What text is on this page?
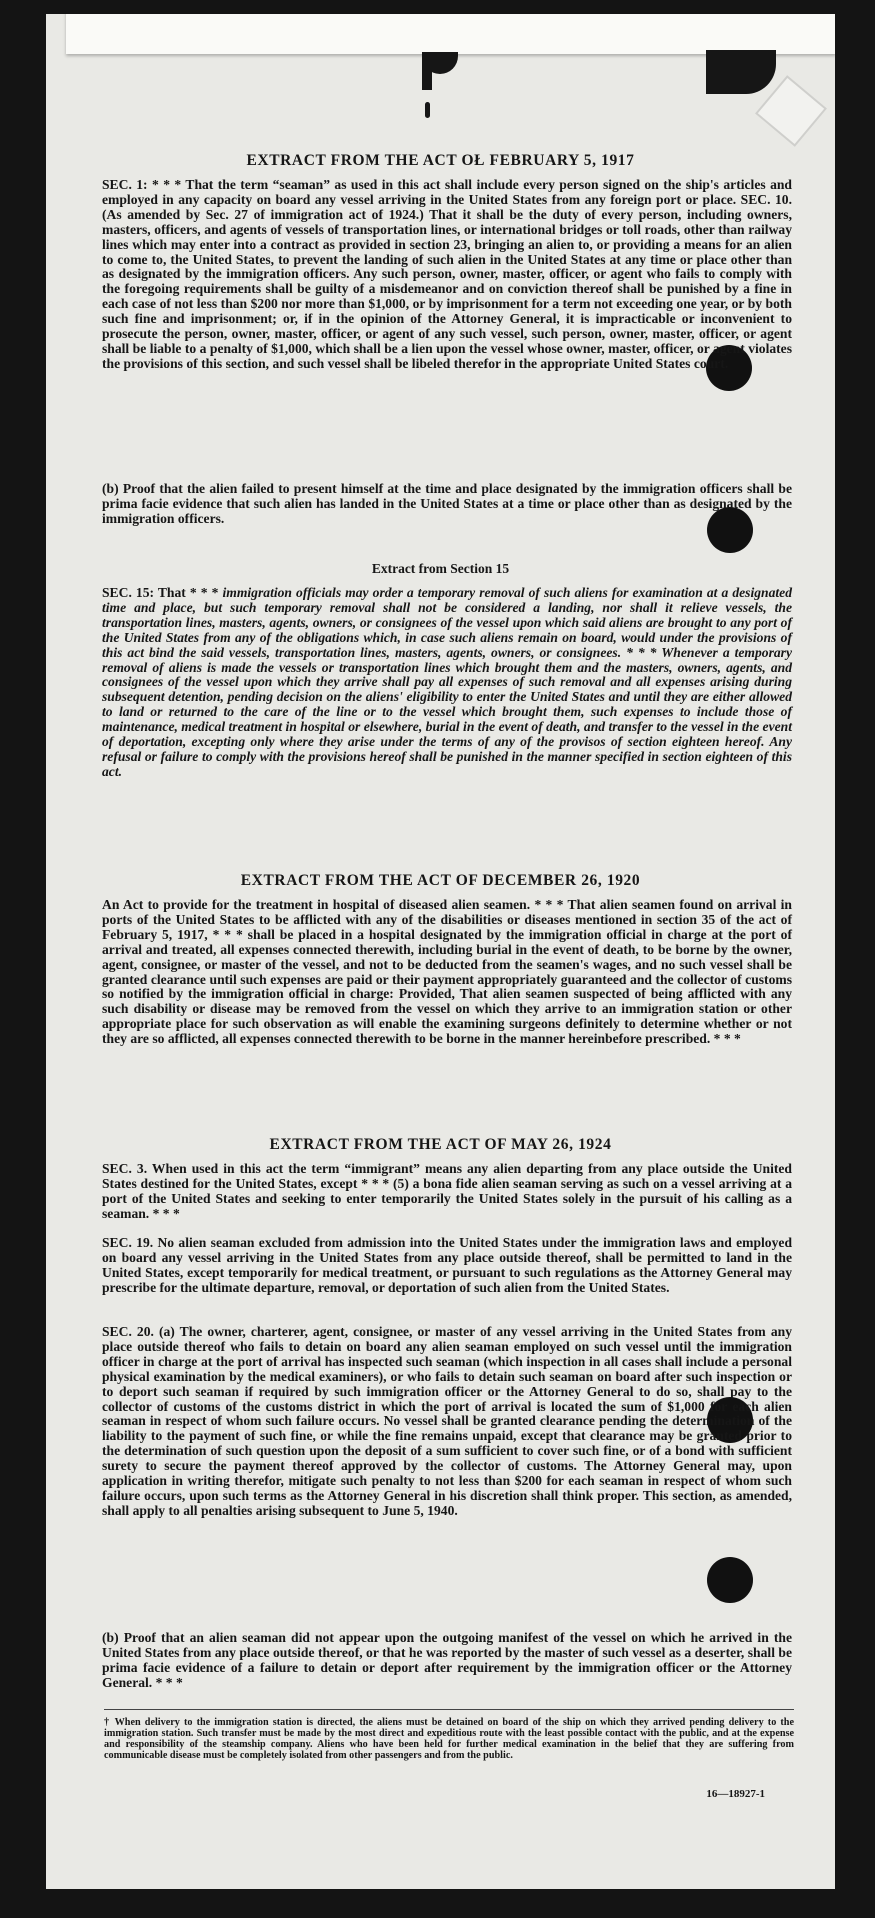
EXTRACT FROM THE ACT OŁ FEBRUARY 5, 1917

SEC. 1: * * * That the term “seaman” as used in this act shall include every person signed on the ship's articles and employed in any capacity on board any vessel arriving in the United States from any foreign port or place. SEC. 10. (As amended by Sec. 27 of immigration act of 1924.) That it shall be the duty of every person, including owners, masters, officers, and agents of vessels of transportation lines, or international bridges or toll roads, other than railway lines which may enter into a contract as provided in section 23, bringing an alien to, or providing a means for an alien to come to, the United States, to prevent the landing of such alien in the United States at any time or place other than as designated by the immigration officers. Any such person, owner, master, officer, or agent who fails to comply with the foregoing requirements shall be guilty of a misdemeanor and on conviction thereof shall be punished by a fine in each case of not less than $200 nor more than $1,000, or by imprisonment for a term not exceeding one year, or by both such fine and imprisonment; or, if in the opinion of the Attorney General, it is impracticable or inconvenient to prosecute the person, owner, master, officer, or agent of any such vessel, such person, owner, master, officer, or agent shall be liable to a penalty of $1,000, which shall be a lien upon the vessel whose owner, master, officer, or agent violates the provisions of this section, and such vessel shall be libeled therefor in the appropriate United States court.

(b) Proof that the alien failed to present himself at the time and place designated by the immigration officers shall be prima facie evidence that such alien has landed in the United States at a time or place other than as designated by the immigration officers.

Extract from Section 15

SEC. 15: That * * * immigration officials may order a temporary removal of such aliens for examination at a designated time and place, but such temporary removal shall not be considered a landing, nor shall it relieve vessels, the transportation lines, masters, agents, owners, or consignees of the vessel upon which said aliens are brought to any port of the United States from any of the obligations which, in case such aliens remain on board, would under the provisions of this act bind the said vessels, transportation lines, masters, agents, owners, or consignees. * * * Whenever a temporary removal of aliens is made the vessels or transportation lines which brought them and the masters, owners, agents, and consignees of the vessel upon which they arrive shall pay all expenses of such removal and all expenses arising during subsequent detention, pending decision on the aliens' eligibility to enter the United States and until they are either allowed to land or returned to the care of the line or to the vessel which brought them, such expenses to include those of maintenance, medical treatment in hospital or elsewhere, burial in the event of death, and transfer to the vessel in the event of deportation, excepting only where they arise under the terms of any of the provisos of section eighteen hereof. Any refusal or failure to comply with the provisions hereof shall be punished in the manner specified in section eighteen of this act.

EXTRACT FROM THE ACT OF DECEMBER 26, 1920

An Act to provide for the treatment in hospital of diseased alien seamen. * * * That alien seamen found on arrival in ports of the United States to be afflicted with any of the disabilities or diseases mentioned in section 35 of the act of February 5, 1917, * * * shall be placed in a hospital designated by the immigration official in charge at the port of arrival and treated, all expenses connected therewith, including burial in the event of death, to be borne by the owner, agent, consignee, or master of the vessel, and not to be deducted from the seamen's wages, and no such vessel shall be granted clearance until such expenses are paid or their payment appropriately guaranteed and the collector of customs so notified by the immigration official in charge: Provided, That alien seamen suspected of being afflicted with any such disability or disease may be removed from the vessel on which they arrive to an immigration station or other appropriate place for such observation as will enable the examining surgeons definitely to determine whether or not they are so afflicted, all expenses connected therewith to be borne in the manner hereinbefore prescribed. * * *

EXTRACT FROM THE ACT OF MAY 26, 1924

SEC. 3. When used in this act the term “immigrant” means any alien departing from any place outside the United States destined for the United States, except * * * (5) a bona fide alien seaman serving as such on a vessel arriving at a port of the United States and seeking to enter temporarily the United States solely in the pursuit of his calling as a seaman. * * *

SEC. 19. No alien seaman excluded from admission into the United States under the immigration laws and employed on board any vessel arriving in the United States from any place outside thereof, shall be permitted to land in the United States, except temporarily for medical treatment, or pursuant to such regulations as the Attorney General may prescribe for the ultimate departure, removal, or deportation of such alien from the United States.

SEC. 20. (a) The owner, charterer, agent, consignee, or master of any vessel arriving in the United States from any place outside thereof who fails to detain on board any alien seaman employed on such vessel until the immigration officer in charge at the port of arrival has inspected such seaman (which inspection in all cases shall include a personal physical examination by the medical examiners), or who fails to detain such seaman on board after such inspection or to deport such seaman if required by such immigration officer or the Attorney General to do so, shall pay to the collector of customs of the customs district in which the port of arrival is located the sum of $1,000 for each alien seaman in respect of whom such failure occurs. No vessel shall be granted clearance pending the determination of the liability to the payment of such fine, or while the fine remains unpaid, except that clearance may be granted prior to the determination of such question upon the deposit of a sum sufficient to cover such fine, or of a bond with sufficient surety to secure the payment thereof approved by the collector of customs. The Attorney General may, upon application in writing therefor, mitigate such penalty to not less than $200 for each seaman in respect of whom such failure occurs, upon such terms as the Attorney General in his discretion shall think proper. This section, as amended, shall apply to all penalties arising subsequent to June 5, 1940.

(b) Proof that an alien seaman did not appear upon the outgoing manifest of the vessel on which he arrived in the United States from any place outside thereof, or that he was reported by the master of such vessel as a deserter, shall be prima facie evidence of a failure to detain or deport after requirement by the immigration officer or the Attorney General. * * *

† When delivery to the immigration station is directed, the aliens must be detained on board of the ship on which they arrived pending delivery to the immigration station. Such transfer must be made by the most direct and expeditious route with the least possible contact with the public, and at the expense and responsibility of the steamship company. Aliens who have been held for further medical examination in the belief that they are suffering from communicable disease must be completely isolated from other passengers and from the public.

16—18927-1
